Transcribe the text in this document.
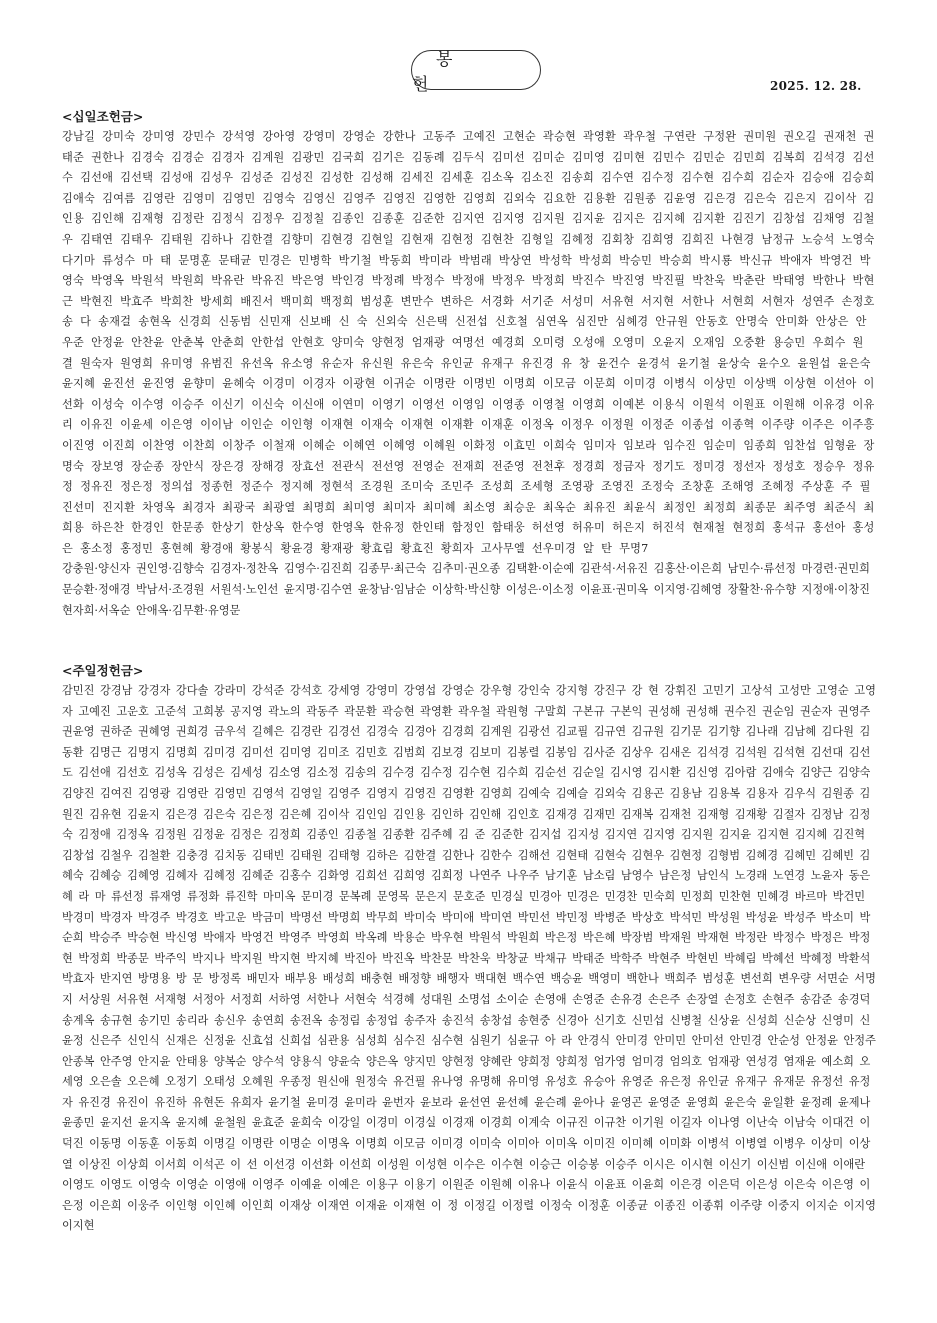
봉 헌	2025. 12. 28.
<십일조헌금>

강남길 강미숙 강미영 강민수 강석영 강아영 강영미 강영순 강한나 고동주 고예진 고현순 곽승현 곽영환 곽우철 구연란 구정완 권미원 권오길 권재천 권태준 권한나 김경숙 김경순 김경자 김계원 김광민 김국희 김기은 김동례 김두식 김미선 김미순 김미영 김미현 김민수 김민순 김민희 김복희 김석경 김선수 김선애 김선택 김성애 김성우 김성준 김성진 김성한 김성해 김세진 김세훈 김소옥 김소진 김송희 김수연 김수정 김수현 김수희 김순자 김승애 김승희 김애숙 김여름 김영란 김영미 김영민 김영숙 김영신 김영주 김영진 김영한 김영희 김외숙 김요한 김용환 김원종 김윤영 김은경 김은숙 김은지 김이삭 김인용 김인해 김재형 김정란 김정식 김정우 김정칠 김종인 김종훈 김준한 김지연 김지영 김지원 김지윤 김지은 김지혜 김지환 김진기 김창섭 김채영 김철우 김태연 김태우 김태원 김하나 김한결 김향미 김현경 김현일 김현재 김현정 김현찬 김형일 김혜정 김회창 김희영 김희진 나현경 남정규 노승석 노영숙 다기마 류성수 마 태 문명훈 문태균 민경은 민병학 박기철 박동희 박미라 박범래 박상연 박성학 박성희 박승민 박승희 박시룡 박신규 박애자 박영건 박영숙 박영옥 박원석 박원희 박유란 박유진 박은영 박인경 박정례 박정수 박정애 박정우 박정희 박진수 박진영 박진필 박찬욱 박춘란 박태영 박한나 박현근 박현진 박효주 박희찬 방세희 배진서 백미희 백정희 범성훈 변만수 변하은 서경화 서기준 서성미 서유현 서지현 서한나 서현희 서현자 성연주 손정호 송 다 송재걸 송현옥 신경희 신동범 신민재 신보배 신 숙 신외숙 신은택 신전섭 신호철 심연옥 심진만 심혜경 안규원 안동호 안명숙 안미화 안상은 안우준 안정윤 안찬윤 안춘복 안춘희 안한섭 안현호 양미숙 양현정 엄재광 여명선 예경희 오미령 오성애 오영미 오윤지 오재임 오중환 용승민 우희수 원 결 원숙자 원영희 유미영 유범진 유선옥 유소영 유순자 유신원 유은숙 유인균 유재구 유진경 유 창 윤건수 윤경석 윤기철 윤상숙 윤수오 윤원섭 윤은숙 윤지혜 윤진선 윤진영 윤향미 윤혜숙 이경미 이경자 이광현 이귀순 이명란 이명빈 이명희 이모금 이문희 이미경 이병식 이상민 이상백 이상현 이선아 이선화 이성숙 이수영 이승주 이신기 이신숙 이신애 이연미 이영기 이영선 이영임 이영종 이영철 이영희 이예본 이용식 이원석 이원표 이원해 이유경 이유리 이유진 이윤세 이은영 이이남 이인순 이인형 이재현 이재숙 이재현 이재환 이재훈 이정옥 이정우 이정원 이정준 이종섭 이종혁 이주량 이주은 이주흥 이진영 이진희 이찬영 이찬희 이창주 이철재 이혜순 이혜연 이혜영 이혜원 이화정 이효민 이희숙 임미자 임보라 임수진 임순미 임종희 임찬섭 임형윤 장명숙 장보영 장순종 장안식 장은경 장해경 장효선 전관식 전선영 전영순 전재희 전준영 전천후 정경희 정금자 정기도 정미경 정선자 정성호 정승우 정유정 정유진 정은정 정의섭 정종헌 정준수 정지혜 정현석 조경원 조미숙 조민주 조성희 조세형 조영광 조영진 조정숙 조창훈 조해영 조혜정 주상훈 주 필 진선미 진지환 차영옥 최경자 최광국 최광열 최명희 최미영 최미자 최미혜 최소영 최승운 최옥순 최유진 최윤식 최정인 최정희 최종문 최주영 최준식 최희용 하은찬 한경인 한문종 한상기 한상옥 한수영 한영옥 한유정 한인태 함정인 함태웅 허선영 허유미 허은지 허진석 현재철 현정희 홍석규 홍선아 홍성은 홍소정 홍정민 홍현혜 황경애 황봉식 황윤경 황재광 황효림 황효진 황희자 고사무엘 선우미경 알 탄 무명7

강충원·양신자 권인영·김향숙 김경자·정찬옥 김영수·김진희 김종무·최근숙 김추미·권오종 김택환·이순예 김관석·서유진 김홍산·이은희 남민수·류선정 마경련·권민희 문승환·정애경 박남서·조경원 서원석·노인선 윤지명·김수연 윤창남·임남순 이상학·박신향 이성은·이소정 이윤표·권미옥 이지영·김혜영 장활찬·유수향 지정애·이창진 현자희·서옥순 안애옥·김무환·유영문

<주일정헌금>

감민진 강경남 강경자 강다솔 강라미 강석준 강석호 강세영 강영미 강영섭 강영순 강우형 강인숙 강지형 강진구 강 현 강휘진 고민기 고상석 고성만 고영순 고영자 고예진 고운호 고준석 고희봉 공지영 곽노의 곽동주 곽문환 곽승현 곽영환 곽우철 곽원형 구말희 구본규 구본익 권성해 권성해 권수진 권순임 권순자 권영주 권윤영 권하준 권혜영 권희경 금우석 길혜은 김경란 김경선 김경숙 김경아 김경희 김계원 김광선 김교필 김규연 김규원 김기문 김기향 김나래 김남혜 김다원 김동환 김명근 김명지 김명희 김미경 김미선 김미영 김미조 김민호 김범희 김보경 김보미 김봉렬 김봉임 김사준 김상우 김새온 김석경 김석원 김석현 김선대 김선도 김선애 김선호 김성옥 김성은 김세성 김소영 김소정 김송의 김수경 김수정 김수현 김수희 김순선 김순일 김시영 김시환 김신영 김아람 김애숙 김양근 김양숙 김양진 김여진 김영광 김영란 김영민 김영석 김영일 김영주 김영지 김영진 김영환 김영희 김예숙 김예슬 김외숙 김용곤 김용남 김용복 김용자 김우식 김원종 김원진 김유현 김윤지 김은경 김은숙 김은정 김은혜 김이삭 김인임 김인용 김인하 김인해 김인호 김재경 김재민 김재복 김재천 김재형 김재황 김절자 김정남 김정숙 김정애 김정옥 김정원 김정윤 김정은 김정희 김종인 김종철 김종환 김주혜 김 준 김준한 김지섭 김지성 김지연 김지영 김지원 김지윤 김지현 김지혜 김진혁 김창섭 김철우 김철환 김충경 김치동 김태빈 김태원 김태형 김하은 김한결 김한나 김한수 김해선 김현태 김현숙 김현우 김현정 김형범 김혜경 김혜민 김혜빈 김혜숙 김혜승 김혜영 김혜자 김혜정 김혜준 김홍수 김화영 김희선 김희영 김희정 나연주 나우주 남기훈 남소림 남영수 남은정 남인식 노경래 노연경 노윤자 동은혜 라 마 류선정 류재영 류정화 류진학 마미옥 문미경 문복례 문영목 문은지 문호준 민경실 민경아 민경은 민경찬 민숙희 민정희 민찬현 민혜경 바르마 박건민 박경미 박경자 박경주 박경호 박고운 박금미 박명선 박명희 박무희 박미숙 박미애 박미연 박민선 박민정 박병준 박상호 박석민 박성원 박성윤 박성주 박소미 박순희 박승주 박승현 박신영 박애자 박영건 박영주 박영희 박옥례 박용순 박우현 박원석 박원희 박은정 박은혜 박장범 박재원 박재현 박정란 박정수 박정은 박정현 박정희 박종문 박주익 박지나 박지원 박지현 박지혜 박진아 박진옥 박찬문 박찬욱 박창균 박채규 박태준 박학주 박현주 박현빈 박혜림 박혜선 박혜정 박환석 박효자 반지연 방명용 방 문 방정록 배민자 배부용 배성희 배충현 배정향 배행자 백대현 백수연 백승윤 백영미 백한나 백희주 범성훈 변선희 변우량 서면순 서명지 서상원 서유현 서재형 서정아 서정희 서하영 서한나 서현숙 석경혜 성대원 소명섭 소이순 손영애 손영준 손유경 손은주 손장열 손정호 손현주 송감준 송경덕 송계옥 송규현 송기민 송리라 송신우 송연희 송전옥 송정림 송정업 송주자 송진석 송창섭 송현중 신경아 신기호 신민섭 신병철 신상윤 신성희 신순상 신영미 신윤정 신은주 신인식 신재은 신정윤 신효섭 신희섭 심관용 심성희 심수진 심수현 심원기 심윤규 아 라 안경식 안미경 안미민 안미선 안민경 안순성 안정윤 안정주 안종복 안주영 안지윤 안태용 양복순 양수석 양용식 양윤숙 양은옥 양지민 양현정 양혜란 양희정 양희정 엄가영 엄미경 엄의호 엄재광 연성경 염재윤 예소희 오세영 오은솔 오은혜 오정기 오태성 오혜원 우종정 원신애 원정숙 유건필 유나영 유명해 유미영 유성호 유승아 유영준 유은정 유인균 유재구 유재문 유정선 유정자 유진경 유진이 유진하 유현돈 유희자 윤기철 윤미경 윤미라 윤번자 윤보라 윤선연 윤선혜 윤슨례 윤아나 윤영곤 윤영준 윤영희 윤은숙 윤일환 윤정례 윤제나 윤종민 윤지선 윤지옥 윤지혜 윤철원 윤효준 윤희숙 이강일 이경미 이경실 이경재 이경희 이계숙 이규진 이규찬 이기원 이길자 이나영 이난숙 이남숙 이대건 이덕진 이동명 이동훈 이동희 이명길 이명란 이명순 이명옥 이명희 이모금 이미경 이미숙 이미아 이미옥 이미진 이미혜 이미화 이병석 이병열 이병우 이상미 이상열 이상진 이상희 이서희 이석곤 이 선 이선경 이선화 이선희 이성원 이성현 이수은 이수현 이승근 이승봉 이승주 이시은 이시현 이신기 이신범 이신애 이애란 이영도 이영도 이영숙 이영순 이영애 이영주 이예윤 이예은 이용구 이용기 이원준 이원혜 이유나 이윤식 이윤표 이윤희 이은경 이은덕 이은성 이은숙 이은영 이은정 이은희 이웅주 이인형 이인혜 이인희 이재상 이재연 이재윤 이재현 이 정 이정길 이정렬 이정숙 이정훈 이종균 이종진 이종휘 이주량 이중지 이지순 이지영 이지현
